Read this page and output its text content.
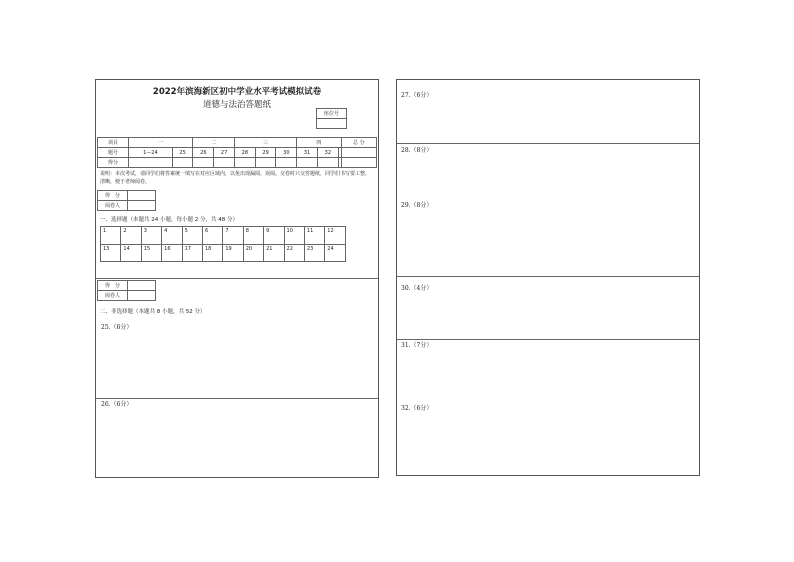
2022年滨海新区初中学业水平考试模拟试卷
道德与法治答题纸
座位号

项目	一		二		三			四			总 分
题号	1—24	25	26	27	28	29	30	31	32		
得分											
说明：本次考试，请同学们将答案统一填写在对应区域内，以免出现漏阅、误阅。交卷时只交答题纸，同学们书写要工整、清晰，便于老师阅卷。
得　分	
阅卷人	
一、选择题（本题共 24 小题，每小题 2 分，共 48 分）
1	2	3	4	5	6	7	8	9	10	11	12
13	14	15	16	17	18	19	20	21	22	23	24
得　分	
阅卷人	
二、非选择题（本题共 8 小题，共 52 分）
25.（6分）
26.（6分）
27.（6分）
28.（8分）
29.（8分）
30.（4分）
31.（7分）
32.（6分）
